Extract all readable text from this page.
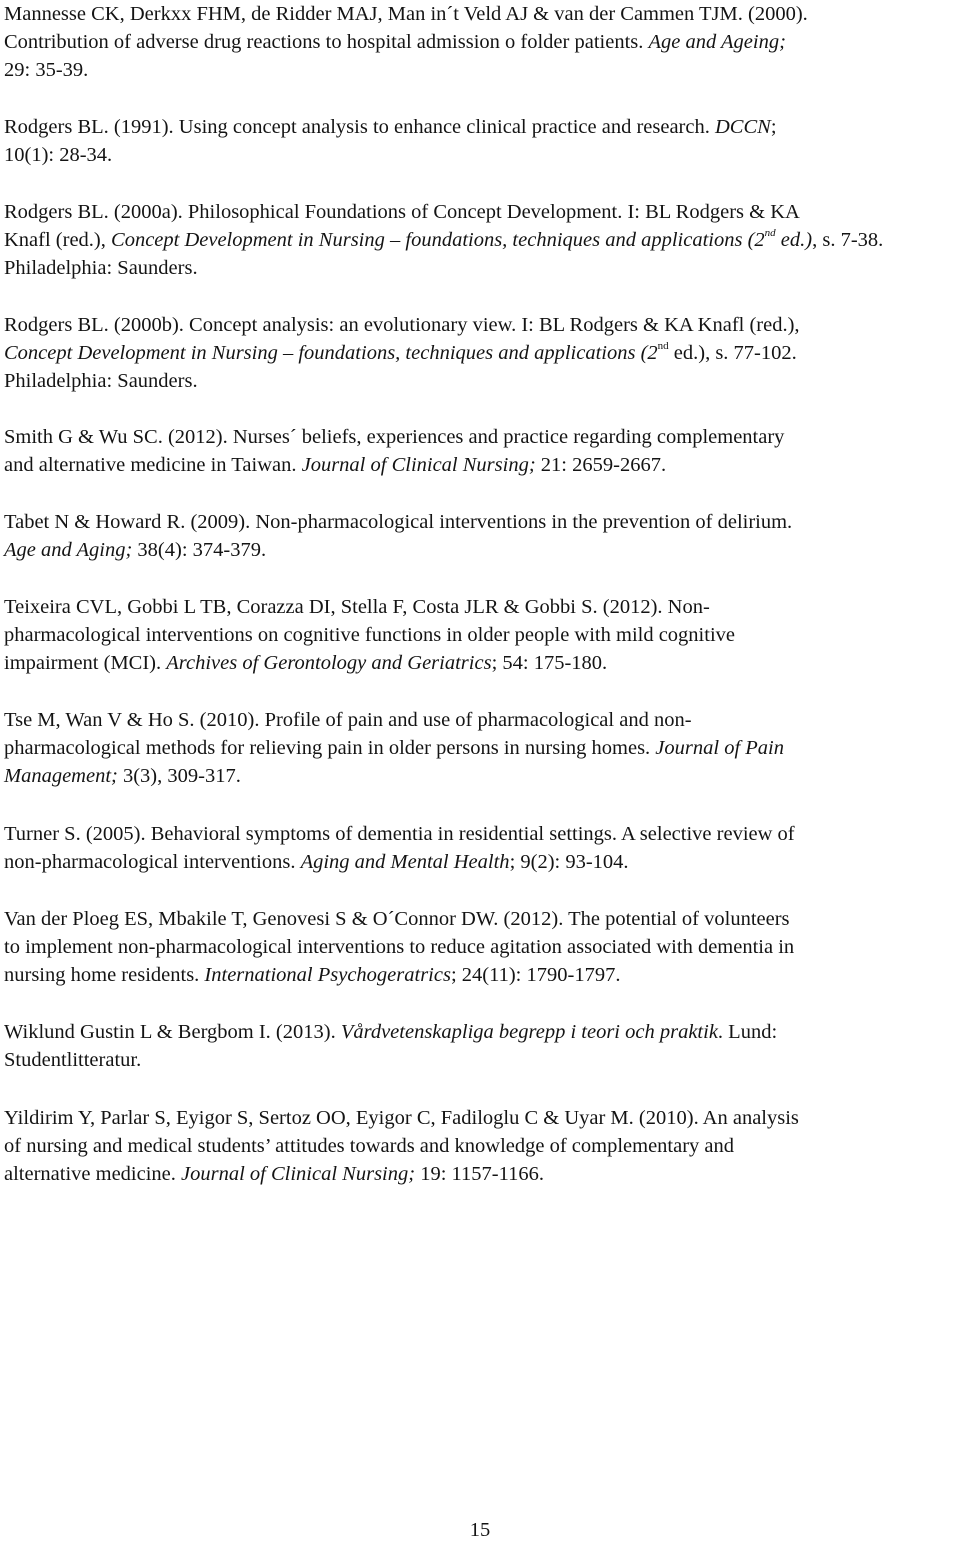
Mannesse CK, Derkxx FHM, de Ridder MAJ, Man in´t Veld AJ & van der Cammen TJM. (2000).
Contribution of adverse drug reactions to hospital admission o folder patients. Age and Ageing;
29: 35-39.
Rodgers BL. (1991). Using concept analysis to enhance clinical practice and research. DCCN;
10(1): 28-34.
Rodgers BL. (2000a). Philosophical Foundations of Concept Development. I: BL Rodgers & KA
Knafl (red.), Concept Development in Nursing – foundations, techniques and applications (2nd ed.), s. 7-38.
Philadelphia: Saunders.
Rodgers BL. (2000b). Concept analysis: an evolutionary view. I: BL Rodgers & KA Knafl (red.),
Concept Development in Nursing – foundations, techniques and applications (2nd ed.), s. 77-102.
Philadelphia: Saunders.
Smith G & Wu SC. (2012). Nurses´ beliefs, experiences and practice regarding complementary
and alternative medicine in Taiwan. Journal of Clinical Nursing; 21: 2659-2667.
Tabet N & Howard R. (2009). Non-pharmacological interventions in the prevention of delirium.
Age and Aging; 38(4): 374-379.
Teixeira CVL, Gobbi L TB, Corazza DI, Stella F, Costa JLR & Gobbi S. (2012). Non-
pharmacological interventions on cognitive functions in older people with mild cognitive
impairment (MCI). Archives of Gerontology and Geriatrics; 54: 175-180.
Tse M, Wan V & Ho S. (2010). Profile of pain and use of pharmacological and non-
pharmacological methods for relieving pain in older persons in nursing homes. Journal of Pain
Management; 3(3), 309-317.
Turner S. (2005). Behavioral symptoms of dementia in residential settings. A selective review of
non-pharmacological interventions. Aging and Mental Health; 9(2): 93-104.
Van der Ploeg ES, Mbakile T, Genovesi S & O´Connor DW. (2012). The potential of volunteers
to implement non-pharmacological interventions to reduce agitation associated with dementia in
nursing home residents. International Psychogeratrics; 24(11): 1790-1797.
Wiklund Gustin L & Bergbom I. (2013). Vårdvetenskapliga begrepp i teori och praktik. Lund:
Studentlitteratur.
Yildirim Y, Parlar S, Eyigor S, Sertoz OO, Eyigor C, Fadiloglu C & Uyar M. (2010). An analysis
of nursing and medical students’ attitudes towards and knowledge of complementary and
alternative medicine. Journal of Clinical Nursing; 19: 1157-1166.
15
